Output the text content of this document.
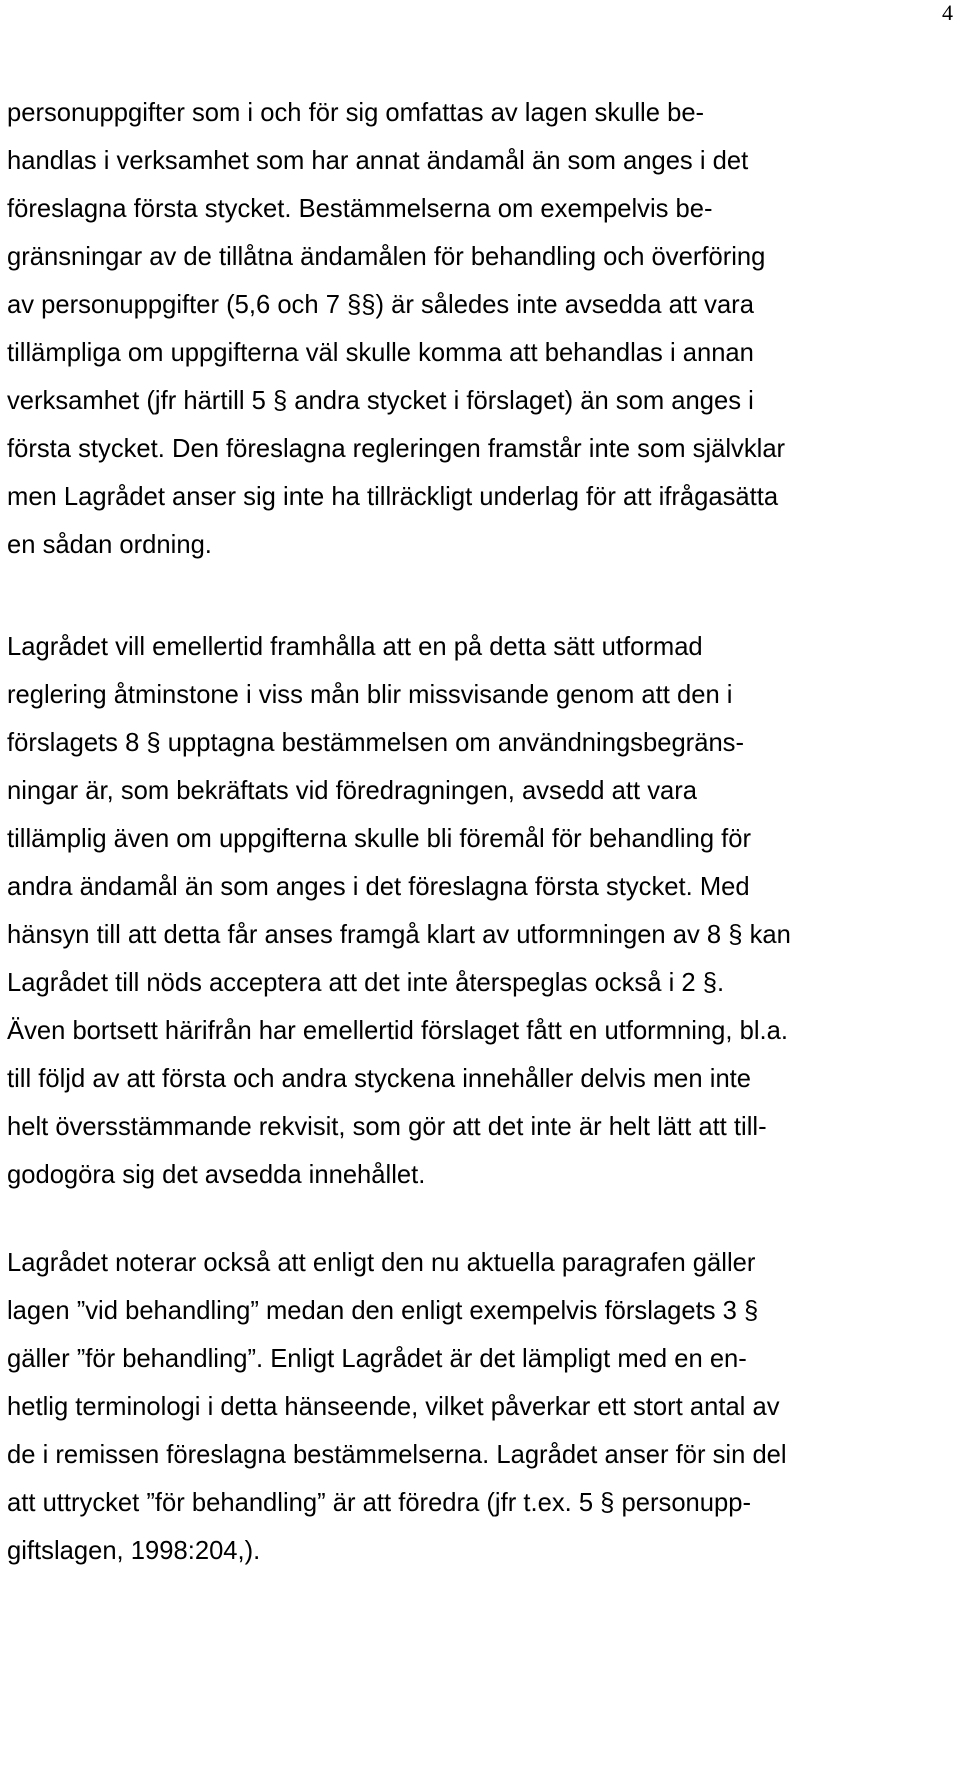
4
personuppgifter som i och för sig omfattas av lagen skulle be-
handlas i verksamhet som har annat ändamål än som anges i det
föreslagna första stycket. Bestämmelserna om exempelvis be-
gränsningar av de tillåtna ändamålen för behandling och överföring
av personuppgifter (5,6 och 7 §§) är således inte avsedda att vara
tillämpliga om uppgifterna väl skulle komma att behandlas i annan
verksamhet (jfr härtill 5 § andra stycket i förslaget) än som anges i
första stycket. Den föreslagna regleringen framstår inte som självklar
men Lagrådet anser sig inte ha tillräckligt underlag för att ifrågasätta
en sådan ordning.
Lagrådet vill emellertid framhålla att en på detta sätt utformad
reglering åtminstone i viss mån blir missvisande genom att den i
förslagets 8 § upptagna bestämmelsen om användningsbegräns-
ningar är, som bekräftats vid föredragningen, avsedd att vara
tillämplig även om uppgifterna skulle bli föremål för behandling för
andra ändamål än som anges i det föreslagna första stycket. Med
hänsyn till att detta får anses framgå klart av utformningen av 8 § kan
Lagrådet till nöds acceptera att det inte återspeglas också i 2 §.
Även bortsett härifrån har emellertid förslaget fått en utformning, bl.a.
till följd av att första och andra styckena innehåller delvis men inte
helt översstämmande rekvisit, som gör att det inte är helt lätt att till-
godogöra sig det avsedda innehållet.
Lagrådet noterar också att enligt den nu aktuella paragrafen gäller
lagen ”vid behandling” medan den enligt exempelvis förslagets 3 §
gäller ”för behandling”. Enligt Lagrådet är det lämpligt med en en-
hetlig terminologi i detta hänseende, vilket påverkar ett stort antal av
de i remissen föreslagna bestämmelserna. Lagrådet anser för sin del
att uttrycket ”för behandling” är att föredra (jfr t.ex. 5 § personupp-
giftslagen, 1998:204,).
